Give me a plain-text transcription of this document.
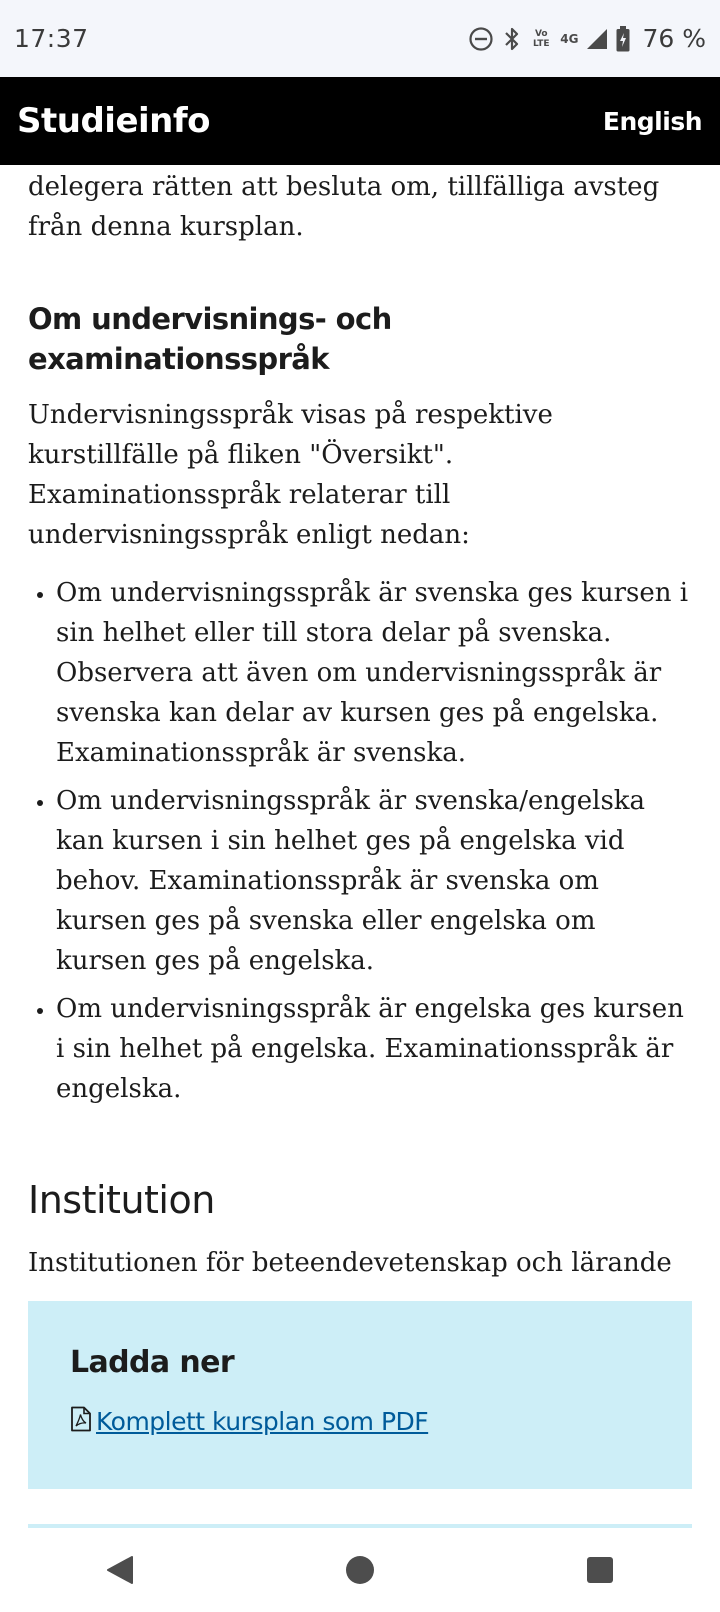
17:37	Vo LTE 4G	76 %
Studieinfo	English

delegera rätten att besluta om, tillfälliga avsteg från denna kursplan.

Om undervisnings- och examinationsspråk

Undervisningsspråk visas på respektive kurstillfälle på fliken "Översikt". Examinationsspråk relaterar till undervisningsspråk enligt nedan:

• Om undervisningsspråk är svenska ges kursen i sin helhet eller till stora delar på svenska. Observera att även om undervisningsspråk är svenska kan delar av kursen ges på engelska. Examinationsspråk är svenska.
• Om undervisningsspråk är svenska/engelska kan kursen i sin helhet ges på engelska vid behov. Examinationsspråk är svenska om kursen ges på svenska eller engelska om kursen ges på engelska.
• Om undervisningsspråk är engelska ges kursen i sin helhet på engelska. Examinationsspråk är engelska.
Institution

Institutionen för beteendevetenskap och lärande

Ladda ner
Komplett kursplan som PDF
